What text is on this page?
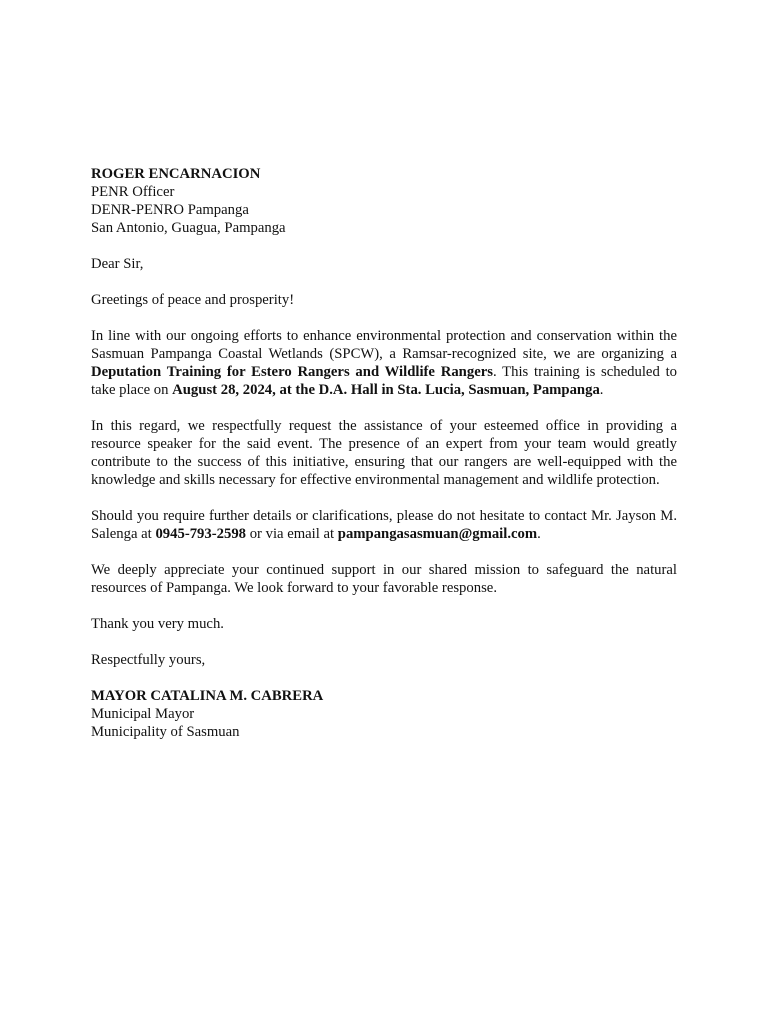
ROGER ENCARNACION
PENR Officer
DENR-PENRO Pampanga
San Antonio, Guagua, Pampanga
Dear Sir,
Greetings of peace and prosperity!

In line with our ongoing efforts to enhance environmental protection and conservation within the Sasmuan Pampanga Coastal Wetlands (SPCW), a Ramsar-recognized site, we are organizing a Deputation Training for Estero Rangers and Wildlife Rangers. This training is scheduled to take place on August 28, 2024, at the D.A. Hall in Sta. Lucia, Sasmuan, Pampanga.

In this regard, we respectfully request the assistance of your esteemed office in providing a resource speaker for the said event. The presence of an expert from your team would greatly contribute to the success of this initiative, ensuring that our rangers are well-equipped with the knowledge and skills necessary for effective environmental management and wildlife protection.

Should you require further details or clarifications, please do not hesitate to contact Mr. Jayson M. Salenga at 0945-793-2598 or via email at pampangasasmuan@gmail.com.

We deeply appreciate your continued support in our shared mission to safeguard the natural resources of Pampanga. We look forward to your favorable response.

Thank you very much.
Respectfully yours,
MAYOR CATALINA M. CABRERA
Municipal Mayor
Municipality of Sasmuan
